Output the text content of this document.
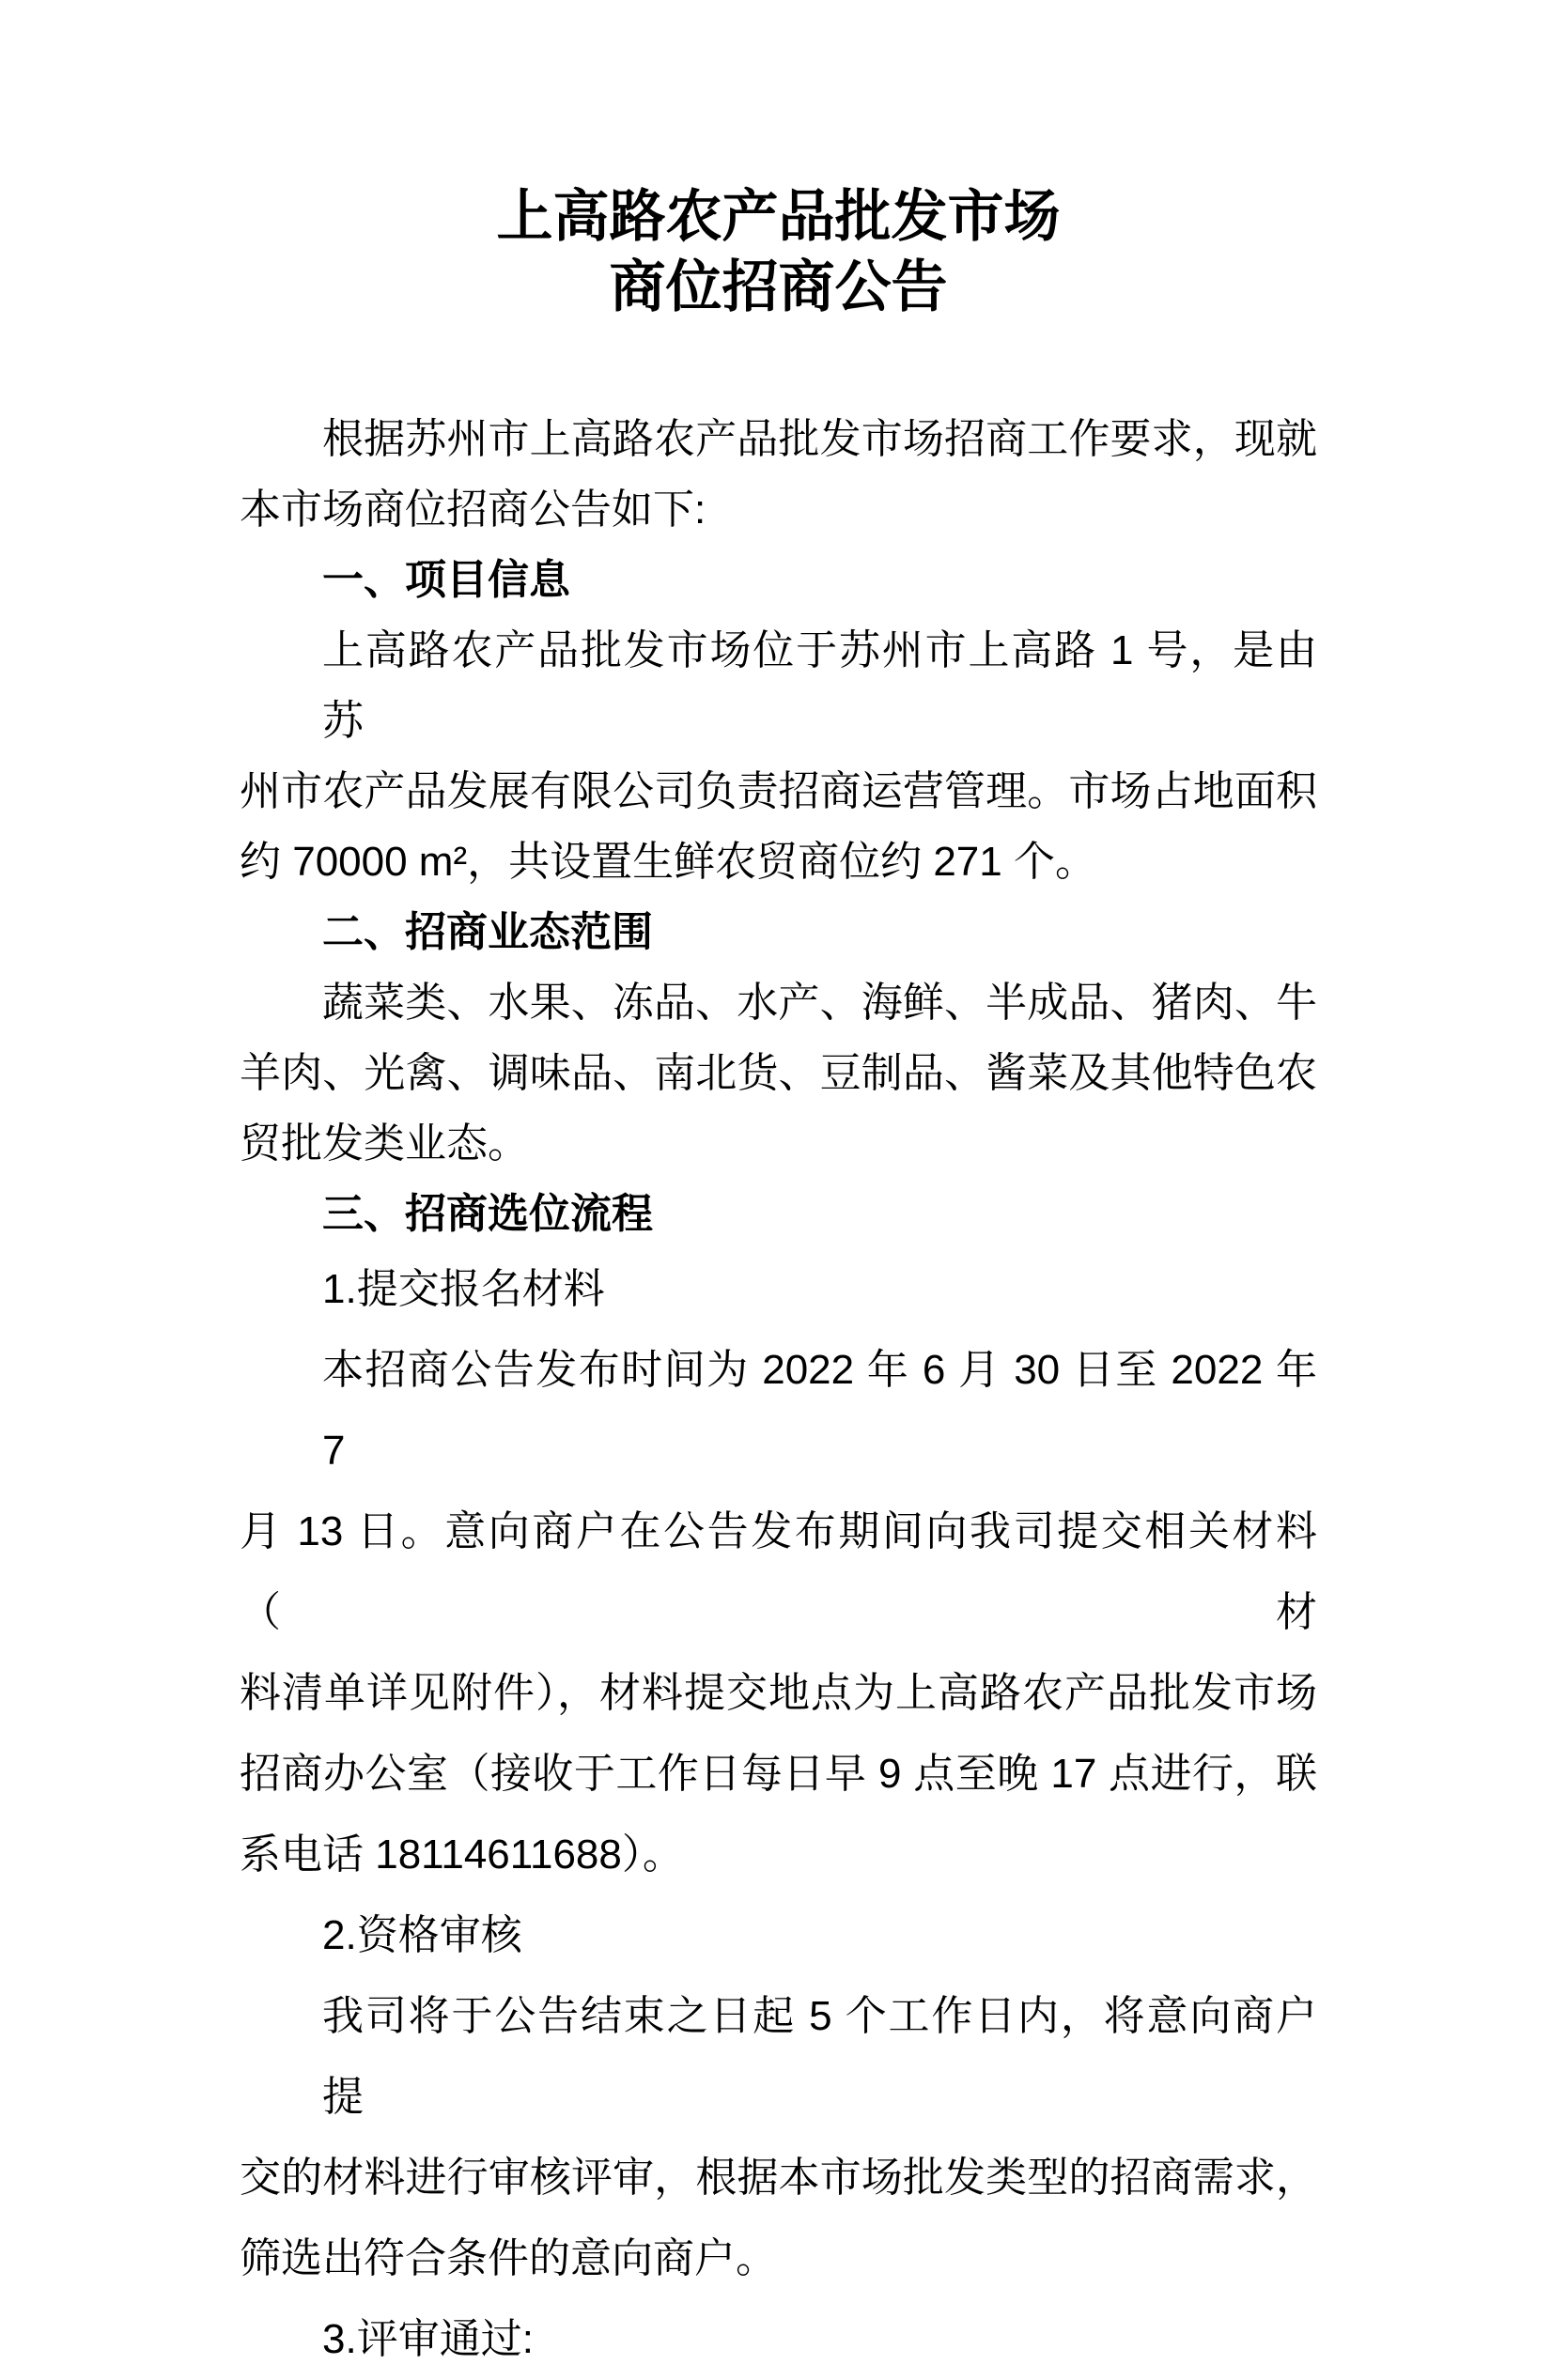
上高路农产品批发市场
商位招商公告
根据苏州市上高路农产品批发市场招商工作要求，现就
本市场商位招商公告如下:
一、项目信息
上高路农产品批发市场位于苏州市上高路 1 号，是由苏
州市农产品发展有限公司负责招商运营管理。市场占地面积
约 70000 m²，共设置生鲜农贸商位约 271 个。
二、招商业态范围
蔬菜类、水果、冻品、水产、海鲜、半成品、猪肉、牛
羊肉、光禽、调味品、南北货、豆制品、酱菜及其他特色农
贸批发类业态。
三、招商选位流程
1.提交报名材料
本招商公告发布时间为 2022 年 6 月 30 日至 2022 年 7
月 13 日。意向商户在公告发布期间向我司提交相关材料（材
料清单详见附件），材料提交地点为上高路农产品批发市场
招商办公室（接收于工作日每日早 9 点至晚 17 点进行，联
系电话 18114611688）。
2.资格审核
我司将于公告结束之日起 5 个工作日内，将意向商户提
交的材料进行审核评审，根据本市场批发类型的招商需求，
筛选出符合条件的意向商户。
3.评审通过:
